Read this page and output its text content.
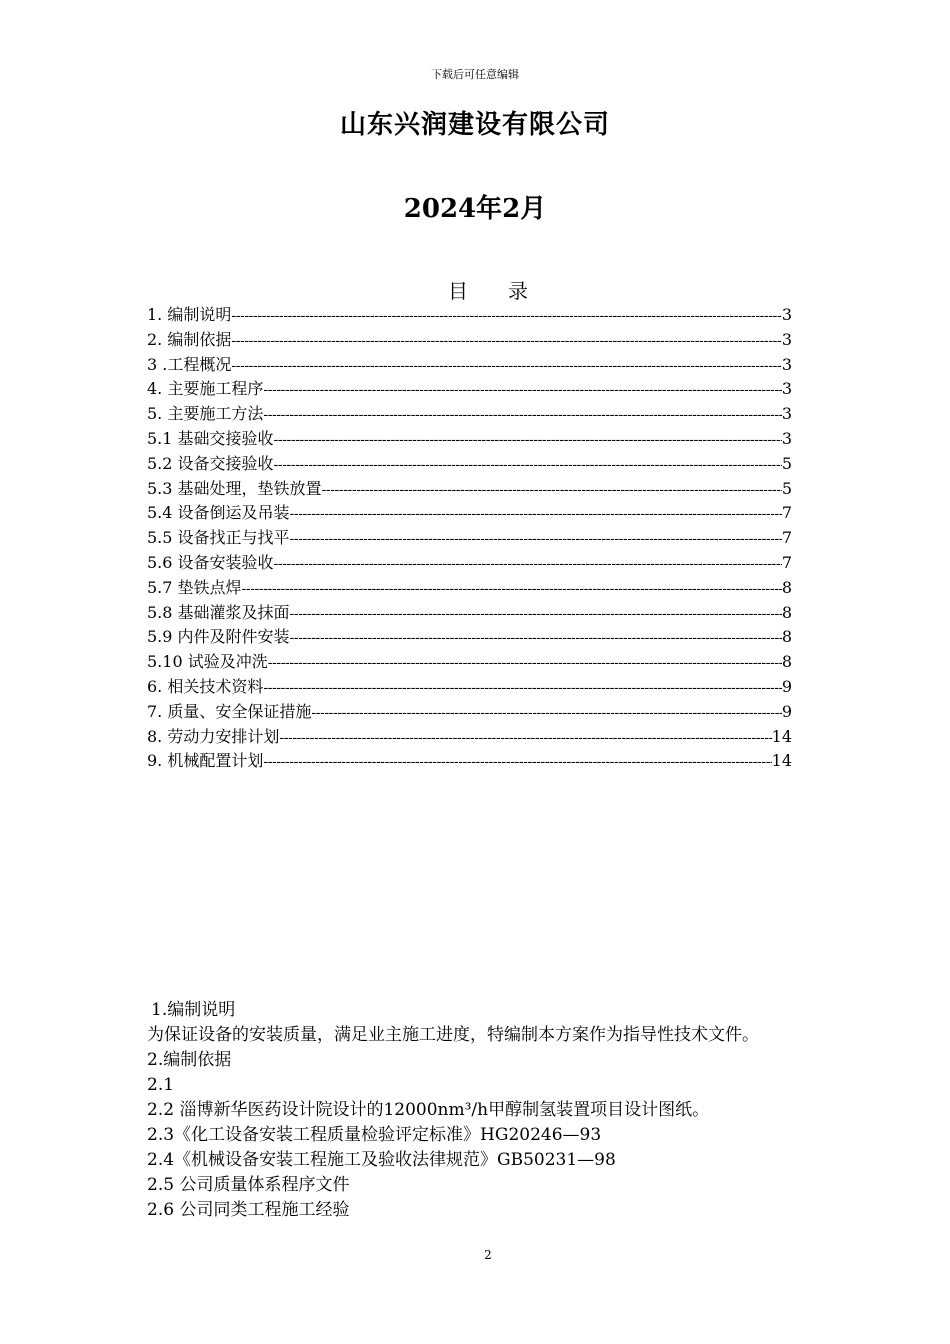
下载后可任意编辑
山东兴润建设有限公司
2024年2月
目　　录
1. 编制说明 -----	3
2. 编制依据 -----	3
3 .工程概况 -----	3
4. 主要施工程序 -----	3
5. 主要施工方法 -----	3
5.1 基础交接验收 -----	3
5.2 设备交接验收 -----	5
5.3 基础处理，垫铁放置 -----	5
5.4 设备倒运及吊装 -----	7
5.5 设备找正与找平 -----	7
5.6 设备安装验收 -----	7
5.7 垫铁点焊 -----	8
5.8 基础灌浆及抹面 -----	8
5.9 内件及附件安装 -----	8
5.10 试验及冲洗 -----	8
6. 相关技术资料 -----	9
7. 质量、安全保证措施 -----	9
8. 劳动力安排计划 -----	14
9. 机械配置计划 -----	14
1.编制说明
为保证设备的安装质量，满足业主施工进度，特编制本方案作为指导性技术文件。
2.编制依据
2.1
2.2 淄博新华医药设计院设计的12000nm³/h甲醇制氢装置项目设计图纸。
2.3《化工设备安装工程质量检验评定标准》HG20246—93
2.4《机械设备安装工程施工及验收法律规范》GB50231—98
2.5 公司质量体系程序文件
2.6 公司同类工程施工经验
2
